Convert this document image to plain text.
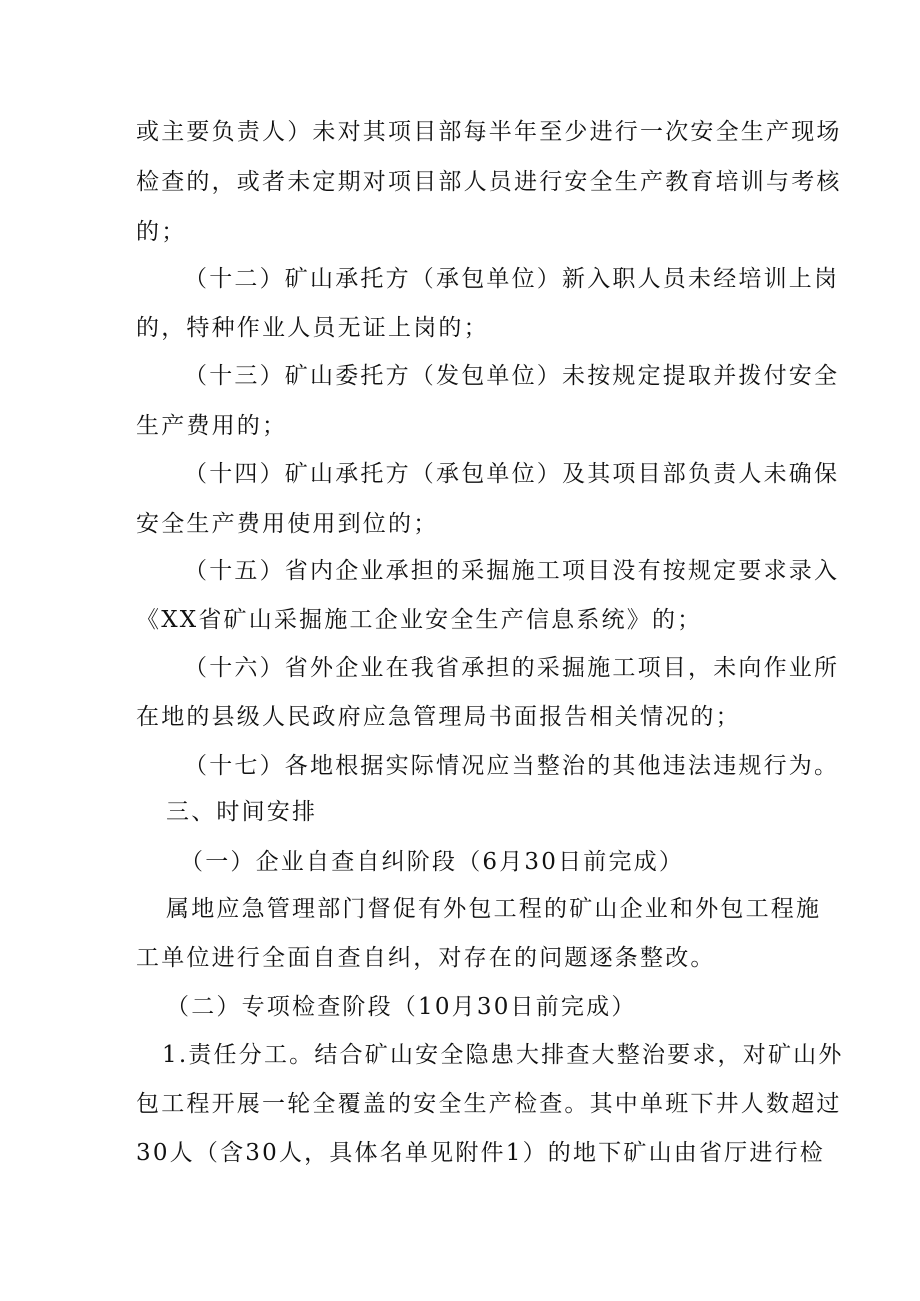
或主要负责人）未对其项目部每半年至少进行一次安全生产现场
检查的，或者未定期对项目部人员进行安全生产教育培训与考核
的；
（十二）矿山承托方（承包单位）新入职人员未经培训上岗
的，特种作业人员无证上岗的；
（十三）矿山委托方（发包单位）未按规定提取并拨付安全
生产费用的；
（十四）矿山承托方（承包单位）及其项目部负责人未确保
安全生产费用使用到位的；
（十五）省内企业承担的采掘施工项目没有按规定要求录入
《XX省矿山采掘施工企业安全生产信息系统》的；
（十六）省外企业在我省承担的采掘施工项目，未向作业所
在地的县级人民政府应急管理局书面报告相关情况的；
（十七）各地根据实际情况应当整治的其他违法违规行为。
三、时间安排
（一）企业自查自纠阶段（6月30日前完成）
属地应急管理部门督促有外包工程的矿山企业和外包工程施
工单位进行全面自查自纠，对存在的问题逐条整改。
（二）专项检查阶段（10月30日前完成）
1.责任分工。结合矿山安全隐患大排查大整治要求，对矿山外
包工程开展一轮全覆盖的安全生产检查。其中单班下井人数超过
30人（含30人，具体名单见附件1）的地下矿山由省厅进行检
